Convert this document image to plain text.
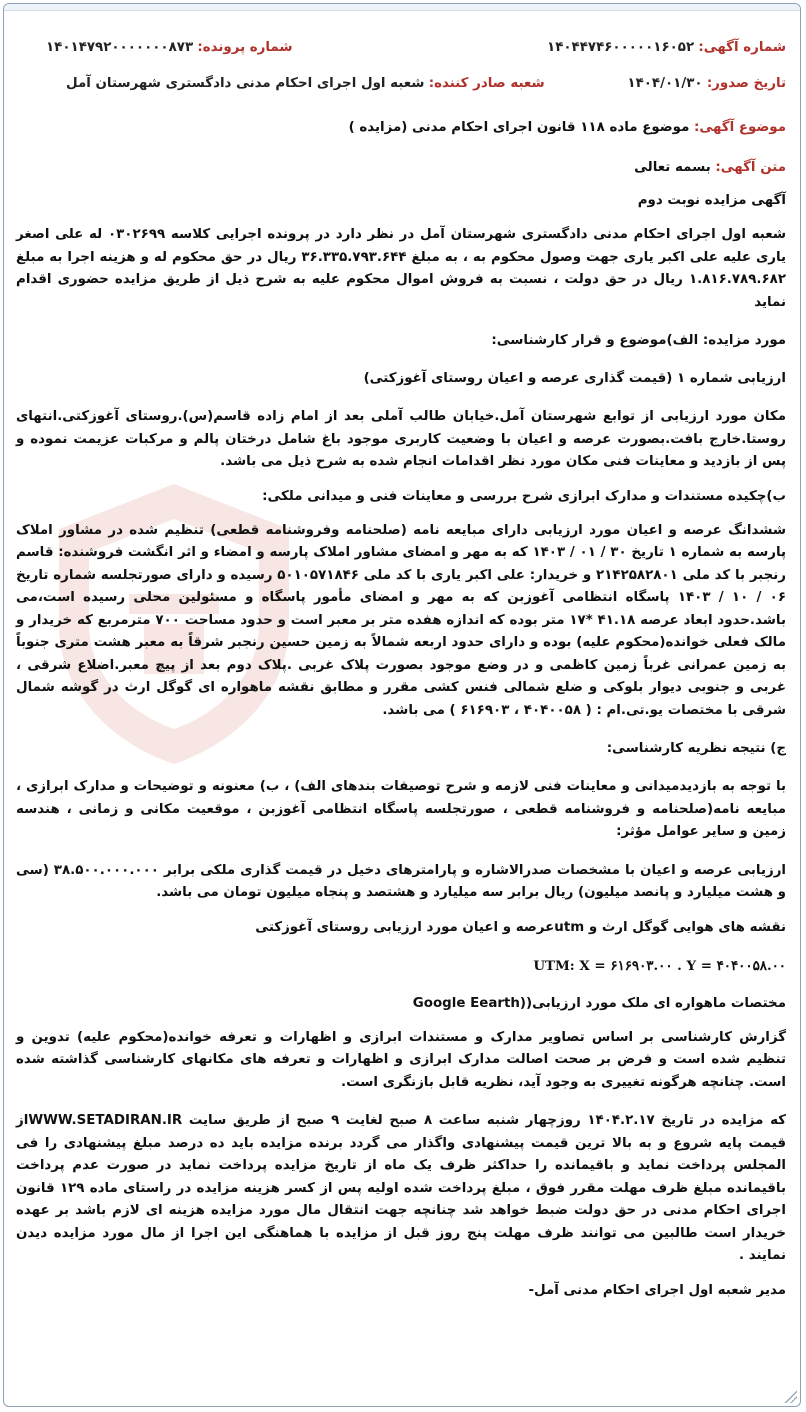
شماره آگهی: ۱۴۰۴۴۷۴۶۰۰۰۰۰۱۶۰۵۲
شماره پرونده: ۱۴۰۱۴۷۹۲۰۰۰۰۰۰۰۸۷۳
تاریخ صدور: ۱۴۰۴/۰۱/۳۰
شعبه صادر کننده: شعبه اول اجرای احکام مدنی دادگستری شهرستان آمل
موضوع آگهی: موضوع ماده ۱۱۸ قانون اجرای احکام مدنی (مزایده )
متن آگهی: بسمه تعالی

آگهی مزایده نوبت دوم

شعبه اول اجرای احکام مدنی دادگستری شهرستان آمل در نظر دارد در پرونده اجرایی کلاسه ۰۳۰۲۶۹۹ له علی اصغر یاری علیه علی اکبر یاری جهت وصول محکوم به ، به مبلغ ۳۶.۳۳۵.۷۹۳.۶۴۴ ریال در حق محکوم له و هزینه اجرا به مبلغ ۱.۸۱۶.۷۸۹.۶۸۲ ریال در حق دولت ، نسبت به فروش اموال محکوم علیه به شرح ذیل از طریق مزایده حضوری اقدام نماید

مورد مزایده: الف)موضوع و قرار کارشناسی:

ارزیابی شماره ۱ (قیمت گذاری عرصه و اعیان روستای آغوزکتی)

مکان مورد ارزیابی از توابع شهرستان آمل.خیابان طالب آملی بعد از امام زاده قاسم(س).روستای آغوزکتی.انتهای روستا.خارج بافت.بصورت عرصه و اعیان با وضعیت کاربری موجود باغ شامل درختان پالم و مرکبات عزیمت نموده و پس از بازدید و معاینات فنی مکان مورد نظر اقدامات انجام شده به شرح ذیل می باشد.

ب)چکیده مستندات و مدارک ابرازی شرح بررسی و معاینات فنی و میدانی ملکی:

ششدانگ عرصه و اعیان مورد ارزیابی دارای مبایعه نامه (صلحنامه وفروشنامه قطعی) تنظیم شده در مشاور املاک پارسه به شماره ۱ تاریخ ۳۰ / ۰۱ / ۱۴۰۳ که به مهر و امضای مشاور املاک پارسه و امضاء و اثر انگشت فروشنده: قاسم رنجبر با کد ملی ۲۱۴۲۵۸۲۸۰۱ و خریدار: علی اکبر یاری با کد ملی ۵۰۱۰۵۷۱۸۴۶ رسیده و دارای صورتجلسه شماره تاریخ ۰۶ / ۱۰ / ۱۴۰۳ پاسگاه انتظامی آغوزبن که به مهر و امضای مأمور پاسگاه و مسئولین محلی رسیده است،می باشد.حدود ابعاد عرصه ۴۱.۱۸ *۱۷ متر بوده که اندازه هفده متر بر معبر است و حدود مساحت ۷۰۰ مترمربع که خریدار و مالک فعلی خوانده(محکوم علیه) بوده و دارای حدود اربعه شمالاً به زمین حسین رنجبر شرقاً به معبر هشت متری جنوباً به زمین عمرانی غرباً زمین کاظمی و در وضع موجود بصورت پلاک غربی .پلاک دوم بعد از پیچ معبر.اضلاع شرقی ، غربی و جنوبی دیوار بلوکی و ضلع شمالی فنس کشی مقرر و مطابق نقشه ماهواره ای گوگل ارث در گوشه شمال شرقی با مختصات یو.تی.ام : ( ۴۰۴۰۰۵۸ ، ۶۱۶۹۰۳ ) می باشد.

ج) نتیجه نظریه کارشناسی:

با توجه به بازدیدمیدانی و معاینات فنی لازمه و شرح توصیفات بندهای الف) ، ب) معنونه و توضیحات و مدارک ابرازی ، مبایعه نامه(صلحنامه و فروشنامه قطعی ، صورتجلسه پاسگاه انتظامی آغوزبن ، موقعیت مکانی و زمانی ، هندسه زمین و سایر عوامل مؤثر:

ارزیابی عرصه و اعیان با مشخصات صدرالاشاره و پارامترهای دخیل در قیمت گذاری ملکی برابر ۳۸.۵۰۰.۰۰۰.۰۰۰ (سی و هشت میلیارد و پانصد میلیون) ریال برابر سه میلیارد و هشتصد و پنجاه میلیون تومان می باشد.

نقشه های هوایی گوگل ارث و utmعرصه و اعیان مورد ارزیابی روستای آغوزکتی

UTM: X = ۶۱۶۹۰۳.۰۰ . Y = ۴۰۴۰۰۵۸.۰۰

مختصات ماهواره ای ملک مورد ارزیابی((Google Eearth

گزارش کارشناسی بر اساس تصاویر مدارک و مستندات ابرازی و اظهارات و تعرفه خوانده(محکوم علیه) تدوین و تنظیم شده است و فرض بر صحت اصالت مدارک ابرازی و اظهارات و تعرفه های مکانهای کارشناسی گذاشته شده است. چنانچه هرگونه تغییری به وجود آید، نظریه قابل بازنگری است.

که مزایده در تاریخ ۱۴۰۴.۲.۱۷ روزچهار شنبه ساعت ۸ صبح لغایت ۹ صبح از طریق سایت WWW.SETADIRAN.IRاز قیمت پایه شروع و به بالا ترین قیمت پیشنهادی واگذار می گردد برنده مزایده باید ده درصد مبلغ پیشنهادی را فی المجلس پرداخت نماید و باقیمانده را حداکثر ظرف یک ماه از تاریخ مزایده پرداخت نماید در صورت عدم پرداخت باقیمانده مبلغ ظرف مهلت مقرر فوق ، مبلغ پرداخت شده اولیه پس از کسر هزینه مزایده در راستای ماده ۱۲۹ قانون اجرای احکام مدنی در حق دولت ضبط خواهد شد چنانچه جهت انتقال مال مورد مزایده هزینه ای لازم باشد بر عهده خریدار است طالبین می توانند ظرف مهلت پنج روز قبل از مزایده با هماهنگی این اجرا از مال مورد مزایده دیدن نمایند .

مدیر شعبه اول اجرای احکام مدنی آمل-
